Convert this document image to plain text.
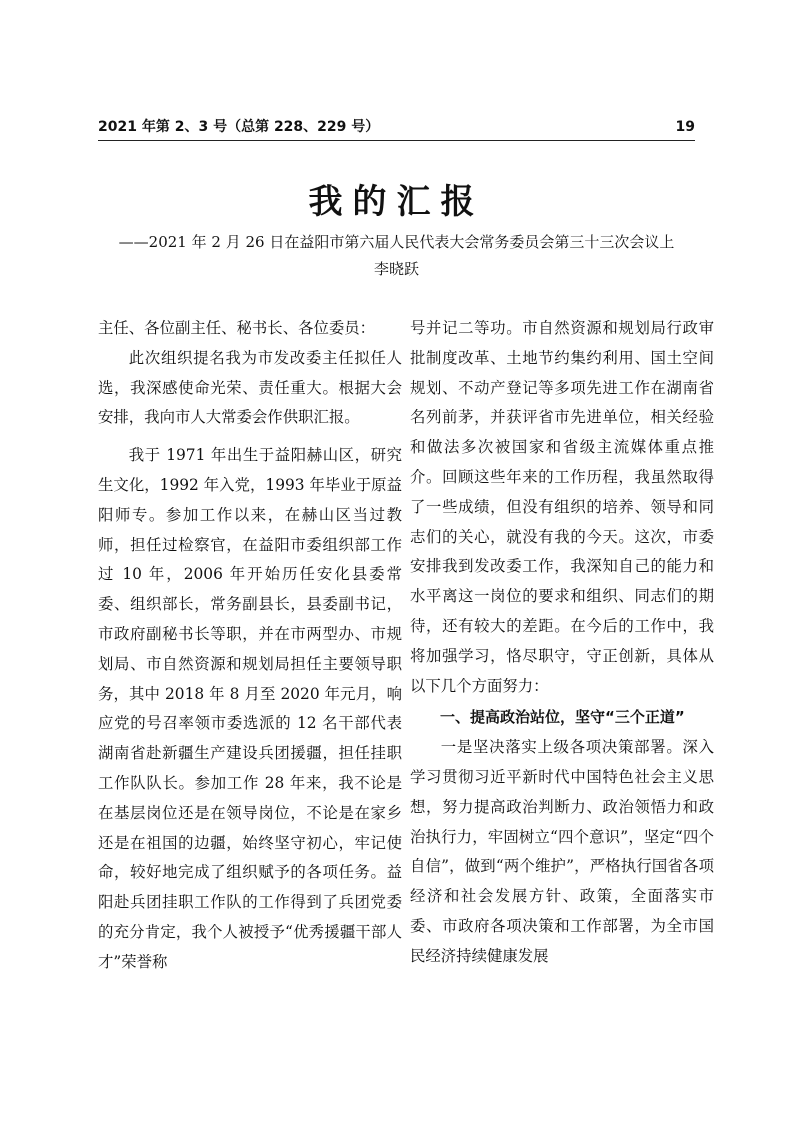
2021 年第 2、3 号（总第 228、229 号）	19
我的汇报
——2021 年 2 月 26 日在益阳市第六届人民代表大会常务委员会第三十三次会议上
李晓跃

主任、各位副主任、秘书长、各位委员：

此次组织提名我为市发改委主任拟任人选，我深感使命光荣、责任重大。根据大会安排，我向市人大常委会作供职汇报。

我于 1971 年出生于益阳赫山区，研究生文化，1992 年入党，1993 年毕业于原益阳师专。参加工作以来，在赫山区当过教师，担任过检察官，在益阳市委组织部工作过 10 年，2006 年开始历任安化县委常委、组织部长，常务副县长，县委副书记，市政府副秘书长等职，并在市两型办、市规划局、市自然资源和规划局担任主要领导职务，其中 2018 年 8 月至 2020 年元月，响应党的号召率领市委选派的 12 名干部代表湖南省赴新疆生产建设兵团援疆，担任挂职工作队队长。参加工作 28 年来，我不论是在基层岗位还是在领导岗位，不论是在家乡还是在祖国的边疆，始终坚守初心，牢记使命，较好地完成了组织赋予的各项任务。益阳赴兵团挂职工作队的工作得到了兵团党委的充分肯定，我个人被授予“优秀援疆干部人才”荣誉称

号并记二等功。市自然资源和规划局行政审批制度改革、土地节约集约利用、国土空间规划、不动产登记等多项先进工作在湖南省名列前茅，并获评省市先进单位，相关经验和做法多次被国家和省级主流媒体重点推介。回顾这些年来的工作历程，我虽然取得了一些成绩，但没有组织的培养、领导和同志们的关心，就没有我的今天。这次，市委安排我到发改委工作，我深知自己的能力和水平离这一岗位的要求和组织、同志们的期待，还有较大的差距。在今后的工作中，我将加强学习，恪尽职守，守正创新，具体从以下几个方面努力：

一、提高政治站位，坚守“三个正道”

一是坚决落实上级各项决策部署。深入学习贯彻习近平新时代中国特色社会主义思想，努力提高政治判断力、政治领悟力和政治执行力，牢固树立“四个意识”，坚定“四个自信”，做到“两个维护”，严格执行国省各项经济和社会发展方针、政策，全面落实市委、市政府各项决策和工作部署，为全市国民经济持续健康发展
